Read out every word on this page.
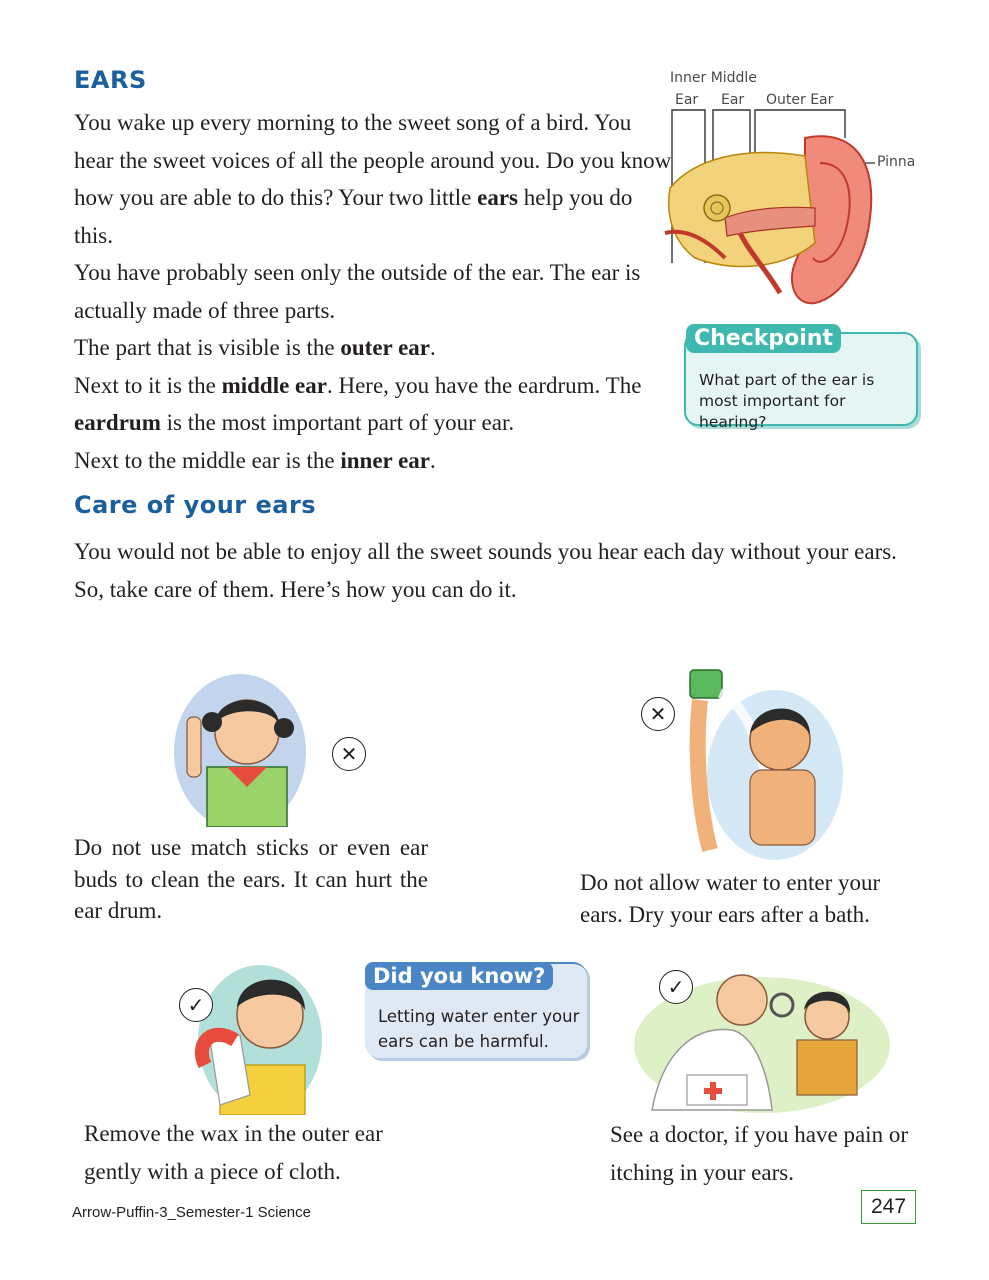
EARS

You wake up every morning to the sweet song of a bird. You hear the sweet voices of all the people around you. Do you know how you are able to do this? Your two little ears help you do this.

You have probably seen only the outside of the ear. The ear is actually made of three parts.

The part that is visible is the outer ear.

Next to it is the middle ear. Here, you have the eardrum. The eardrum is the most important part of your ear.

Next to the middle ear is the inner ear.

Inner Middle
Ear Ear Outer Ear
Pinna
Checkpoint
What part of the ear is most important for hearing?
Care of your ears
You would not be able to enjoy all the sweet sounds you hear each day without your ears. So, take care of them. Here’s how you can do it.
✕
✕
Do not use match sticks or even ear buds to clean the ears. It can hurt the ear drum.
Do not allow water to enter your ears. Dry your ears after a bath.
✓
Did you know?
Letting water enter your ears can be harmful.
✓
Remove the wax in the outer ear gently with a piece of cloth.
See a doctor, if you have pain or itching in your ears.
Arrow-Puffin-3_Semester-1 Science	247
